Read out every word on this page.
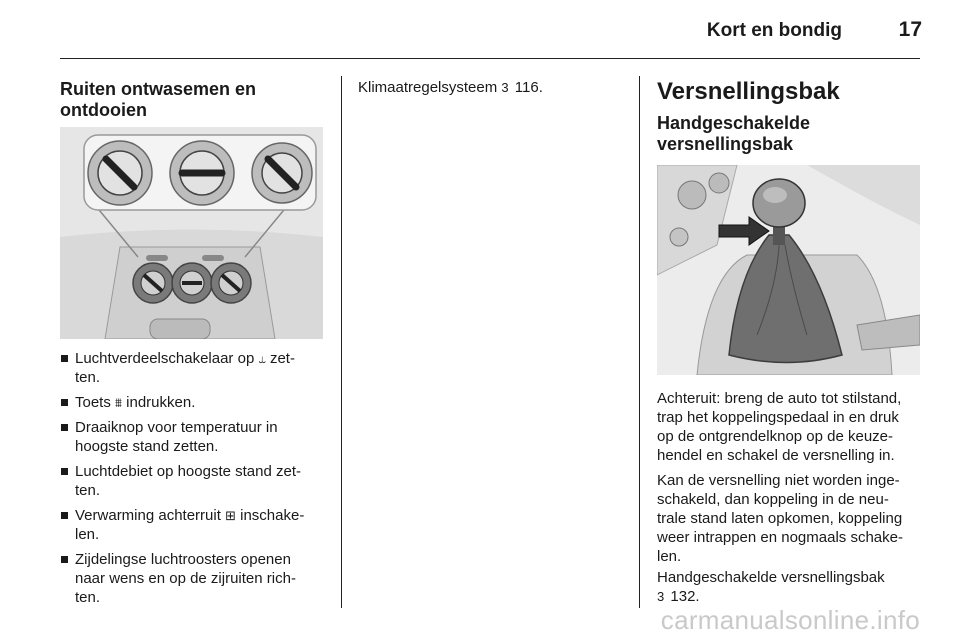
Kort en bondig	17
Ruiten ontwasemen en
ontdooien
Luchtverdeelschakelaar op ⥿ zet-
ten.
Toets ⩩ indrukken.
Draaiknop voor temperatuur in
hoogste stand zetten.
Luchtdebiet op hoogste stand zet-
ten.
Verwarming achterruit ⊞ inschake-
len.
Zijdelingse luchtroosters openen
naar wens en op de zijruiten rich-
ten.
Klimaatregelsysteem 3 116.	Versnellingsbak
Handgeschakelde
versnellingsbak
Achteruit: breng de auto tot stilstand,
trap het koppelingspedaal in en druk
op de ontgrendelknop op de keuze-
hendel en schakel de versnelling in.
Kan de versnelling niet worden inge-
schakeld, dan koppeling in de neu-
trale stand laten opkomen, koppeling
weer intrappen en nogmaals schake-
len.
Handgeschakelde versnellingsbak
3 132.
carmanualsonline.info
